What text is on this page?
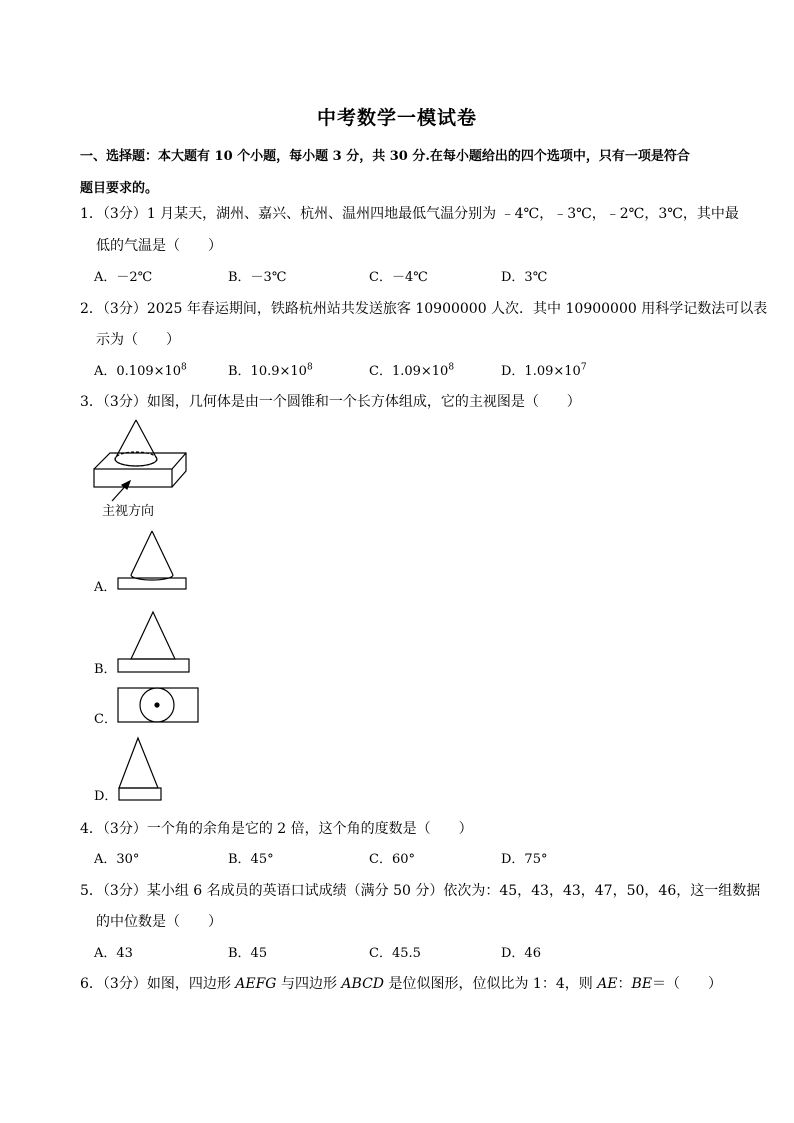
中考数学一模试卷
一、选择题：本大题有 10 个小题，每小题 3 分，共 30 分.在每小题给出的四个选项中，只有一项是符合
题目要求的。
1．（3分）1 月某天，湖州、嘉兴、杭州、温州四地最低气温分别为 ﹣4℃，﹣3℃，﹣2℃，3℃，其中最
低的气温是（　　）
A．－2℃	B．－3℃	C．－4℃	D．3℃
2．（3分）2025 年春运期间，铁路杭州站共发送旅客 10900000 人次．其中 10900000 用科学记数法可以表
示为（　　）
A．$0.109\times 10^8$	B．$10.9\times 10^8$	C．$1.09\times 10^8$	D．$1.09\times 10^7$
3．（3分）如图，几何体是由一个圆锥和一个长方体组成，它的主视图是（　　）
主视方向
A．
B．
C．
D．
4．（3分）一个角的余角是它的 2 倍，这个角的度数是（　　）
A．30°	B．45°	C．60°	D．75°
5．（3分）某小组 6 名成员的英语口试成绩（满分 50 分）依次为：45，43，43，47，50，46，这一组数据
的中位数是（　　）
A．43	B．45	C．45.5	D．46
6．（3分）如图，四边形 AEFG 与四边形 ABCD 是位似图形，位似比为 1：4，则 AE：BE＝（　　）
